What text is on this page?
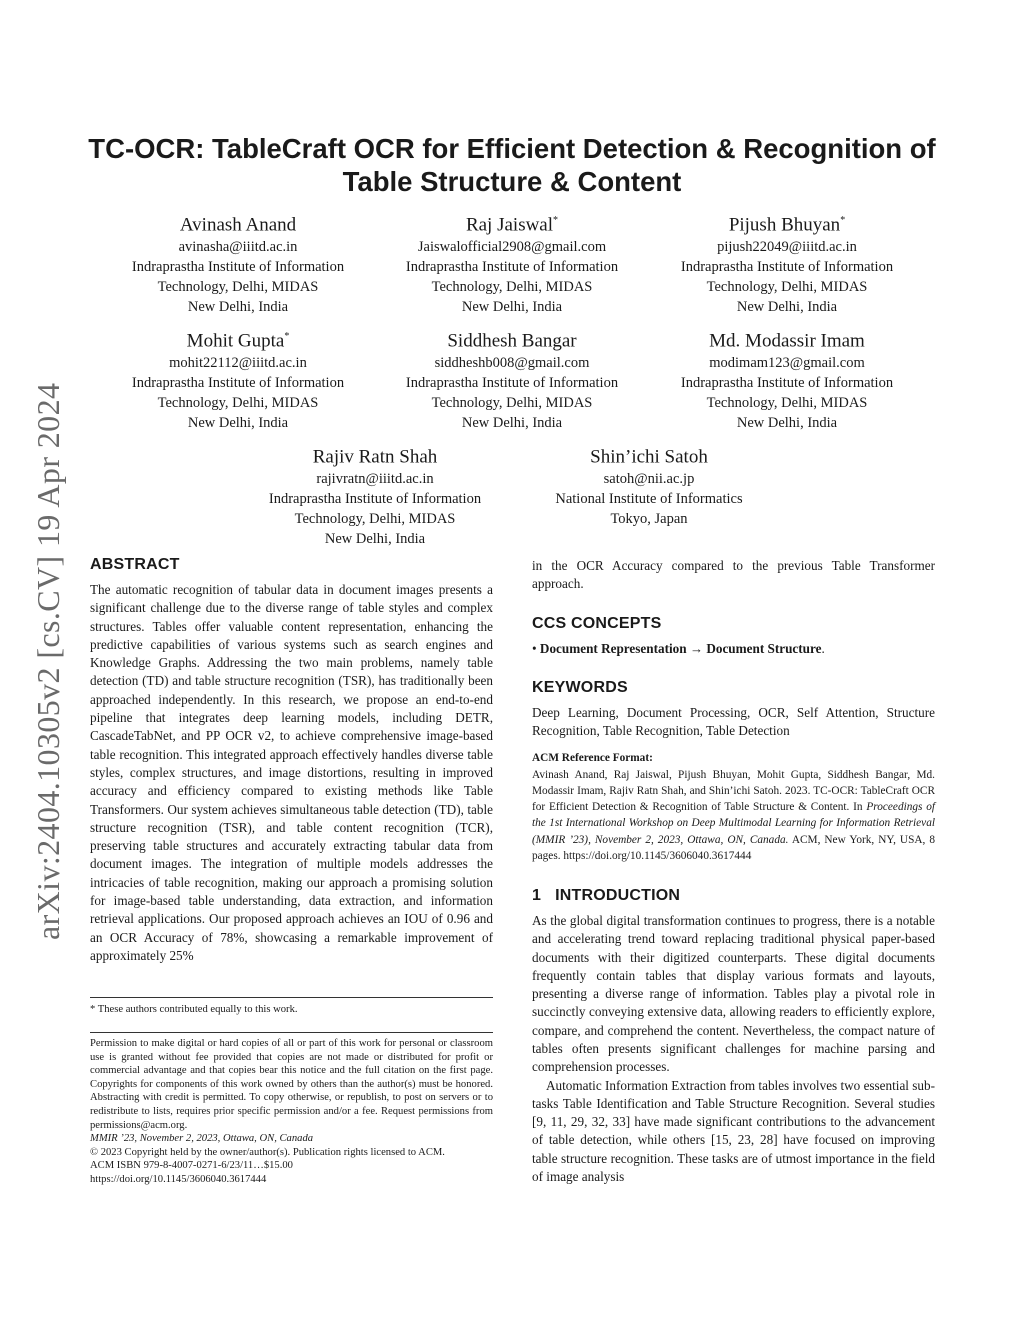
arXiv:2404.10305v2 [cs.CV] 19 Apr 2024
TC-OCR: TableCraft OCR for Efficient Detection & Recognition of Table Structure & Content
Avinash Anand
avinasha@iiitd.ac.in
Indraprastha Institute of Information
Technology, Delhi, MIDAS
New Delhi, India
Raj Jaiswal*
Jaiswalofficial2908@gmail.com
Indraprastha Institute of Information
Technology, Delhi, MIDAS
New Delhi, India
Pijush Bhuyan*
pijush22049@iiitd.ac.in
Indraprastha Institute of Information
Technology, Delhi, MIDAS
New Delhi, India
Mohit Gupta*
mohit22112@iiitd.ac.in
Indraprastha Institute of Information
Technology, Delhi, MIDAS
New Delhi, India
Siddhesh Bangar
siddheshb008@gmail.com
Indraprastha Institute of Information
Technology, Delhi, MIDAS
New Delhi, India
Md. Modassir Imam
modimam123@gmail.com
Indraprastha Institute of Information
Technology, Delhi, MIDAS
New Delhi, India
Rajiv Ratn Shah
rajivratn@iiitd.ac.in
Indraprastha Institute of Information
Technology, Delhi, MIDAS
New Delhi, India
Shin’ichi Satoh
satoh@nii.ac.jp
National Institute of Informatics
Tokyo, Japan
ABSTRACT

The automatic recognition of tabular data in document images presents a significant challenge due to the diverse range of table styles and complex structures. Tables offer valuable content representation, enhancing the predictive capabilities of various systems such as search engines and Knowledge Graphs. Addressing the two main problems, namely table detection (TD) and table structure recognition (TSR), has traditionally been approached independently. In this research, we propose an end-to-end pipeline that integrates deep learning models, including DETR, CascadeTabNet, and PP OCR v2, to achieve comprehensive image-based table recognition. This integrated approach effectively handles diverse table styles, complex structures, and image distortions, resulting in improved accuracy and efficiency compared to existing methods like Table Transformers. Our system achieves simultaneous table detection (TD), table structure recognition (TSR), and table content recognition (TCR), preserving table structures and accurately extracting tabular data from document images. The integration of multiple models addresses the intricacies of table recognition, making our approach a promising solution for image-based table understanding, data extraction, and information retrieval applications. Our proposed approach achieves an IOU of 0.96 and an OCR Accuracy of 78%, showcasing a remarkable improvement of approximately 25%

* These authors contributed equally to this work.
Permission to make digital or hard copies of all or part of this work for personal or classroom use is granted without fee provided that copies are not made or distributed for profit or commercial advantage and that copies bear this notice and the full citation on the first page. Copyrights for components of this work owned by others than the author(s) must be honored. Abstracting with credit is permitted. To copy otherwise, or republish, to post on servers or to redistribute to lists, requires prior specific permission and/or a fee. Request permissions from permissions@acm.org.
MMIR ’23, November 2, 2023, Ottawa, ON, Canada
© 2023 Copyright held by the owner/author(s). Publication rights licensed to ACM.
ACM ISBN 979-8-4007-0271-6/23/11…$15.00
https://doi.org/10.1145/3606040.3617444

in the OCR Accuracy compared to the previous Table Transformer approach.

CCS CONCEPTS

• Document Representation → Document Structure.

KEYWORDS

Deep Learning, Document Processing, OCR, Self Attention, Structure Recognition, Table Recognition, Table Detection

ACM Reference Format:
Avinash Anand, Raj Jaiswal, Pijush Bhuyan, Mohit Gupta, Siddhesh Bangar, Md. Modassir Imam, Rajiv Ratn Shah, and Shin’ichi Satoh. 2023. TC-OCR: TableCraft OCR for Efficient Detection & Recognition of Table Structure & Content. In Proceedings of the 1st International Workshop on Deep Multimodal Learning for Information Retrieval (MMIR ’23), November 2, 2023, Ottawa, ON, Canada. ACM, New York, NY, USA, 8 pages. https://doi.org/10.1145/3606040.3617444
1 INTRODUCTION

As the global digital transformation continues to progress, there is a notable and accelerating trend toward replacing traditional physical paper-based documents with their digitized counterparts. These digital documents frequently contain tables that display various formats and layouts, presenting a diverse range of information. Tables play a pivotal role in succinctly conveying extensive data, allowing readers to efficiently explore, compare, and comprehend the content. Nevertheless, the compact nature of tables often presents significant challenges for machine parsing and comprehension processes.

Automatic Information Extraction from tables involves two essential sub-tasks Table Identification and Table Structure Recognition. Several studies [9, 11, 29, 32, 33] have made significant contributions to the advancement of table detection, while others [15, 23, 28] have focused on improving table structure recognition. These tasks are of utmost importance in the field of image analysis
